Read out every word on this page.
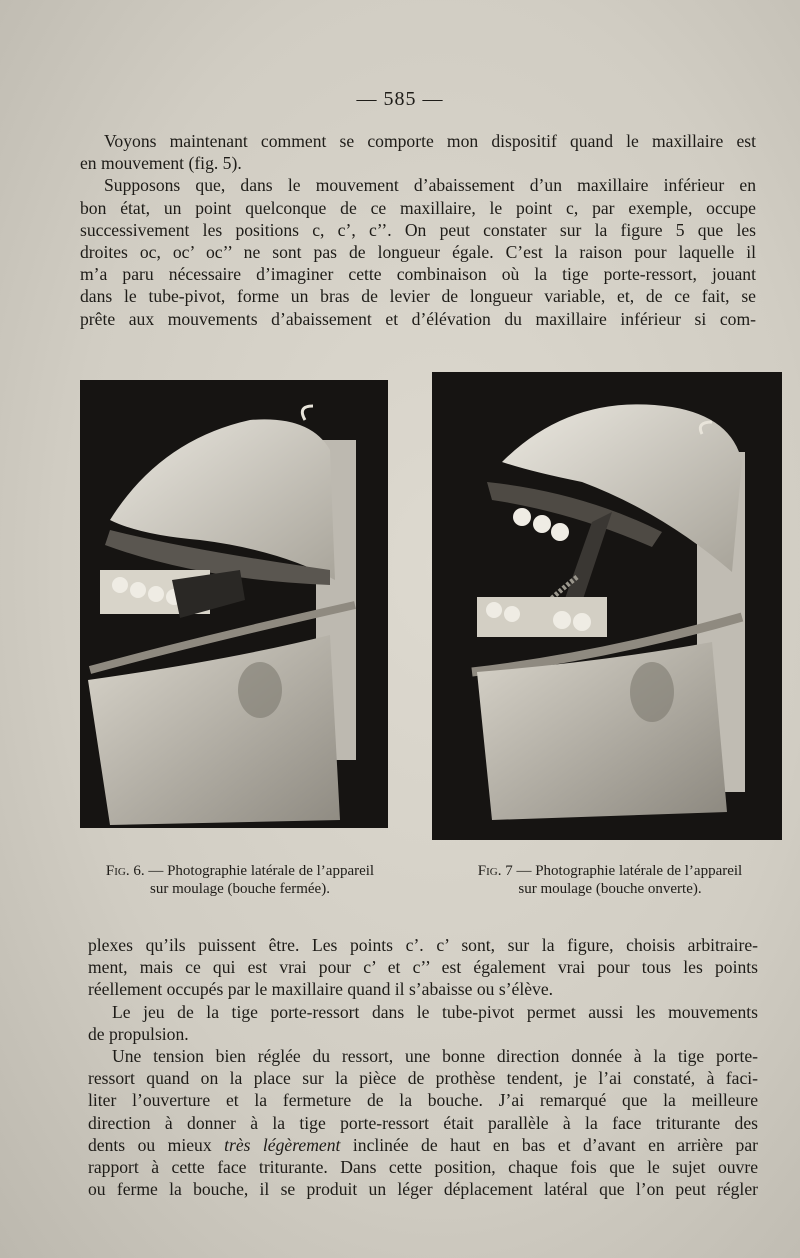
— 585 —
Voyons maintenant comment se comporte mon dispositif quand le maxillaire est
en mouvement (fig. 5).
Supposons que, dans le mouvement d’abaissement d’un maxillaire inférieur en
bon état, un point quelconque de ce maxillaire, le point c, par exemple, occupe
successivement les positions c, c’, c’’. On peut constater sur la figure 5 que les
droites oc, oc’ oc’’ ne sont pas de longueur égale. C’est la raison pour laquelle il
m’a paru nécessaire d’imaginer cette combinaison où la tige porte-ressort, jouant
dans le tube-pivot, forme un bras de levier de longueur variable, et, de ce fait, se
prête aux mouvements d’abaissement et d’élévation du maxillaire inférieur si com-
Fig. 6. — Photographie latérale de l’appareil
sur moulage (bouche fermée).
Fig. 7 — Photographie latérale de l’appareil
sur moulage (bouche onverte).
plexes qu’ils puissent être. Les points c’. c’ sont, sur la figure, choisis arbitraire-
ment, mais ce qui est vrai pour c’ et c’’ est également vrai pour tous les points
réellement occupés par le maxillaire quand il s’abaisse ou s’élève.
Le jeu de la tige porte-ressort dans le tube-pivot permet aussi les mouvements
de propulsion.
Une tension bien réglée du ressort, une bonne direction donnée à la tige porte-
ressort quand on la place sur la pièce de prothèse tendent, je l’ai constaté, à faci-
liter l’ouverture et la fermeture de la bouche. J’ai remarqué que la meilleure
direction à donner à la tige porte-ressort était parallèle à la face triturante des
dents ou mieux très légèrement inclinée de haut en bas et d’avant en arrière par
rapport à cette face triturante. Dans cette position, chaque fois que le sujet ouvre
ou ferme la bouche, il se produit un léger déplacement latéral que l’on peut régler
